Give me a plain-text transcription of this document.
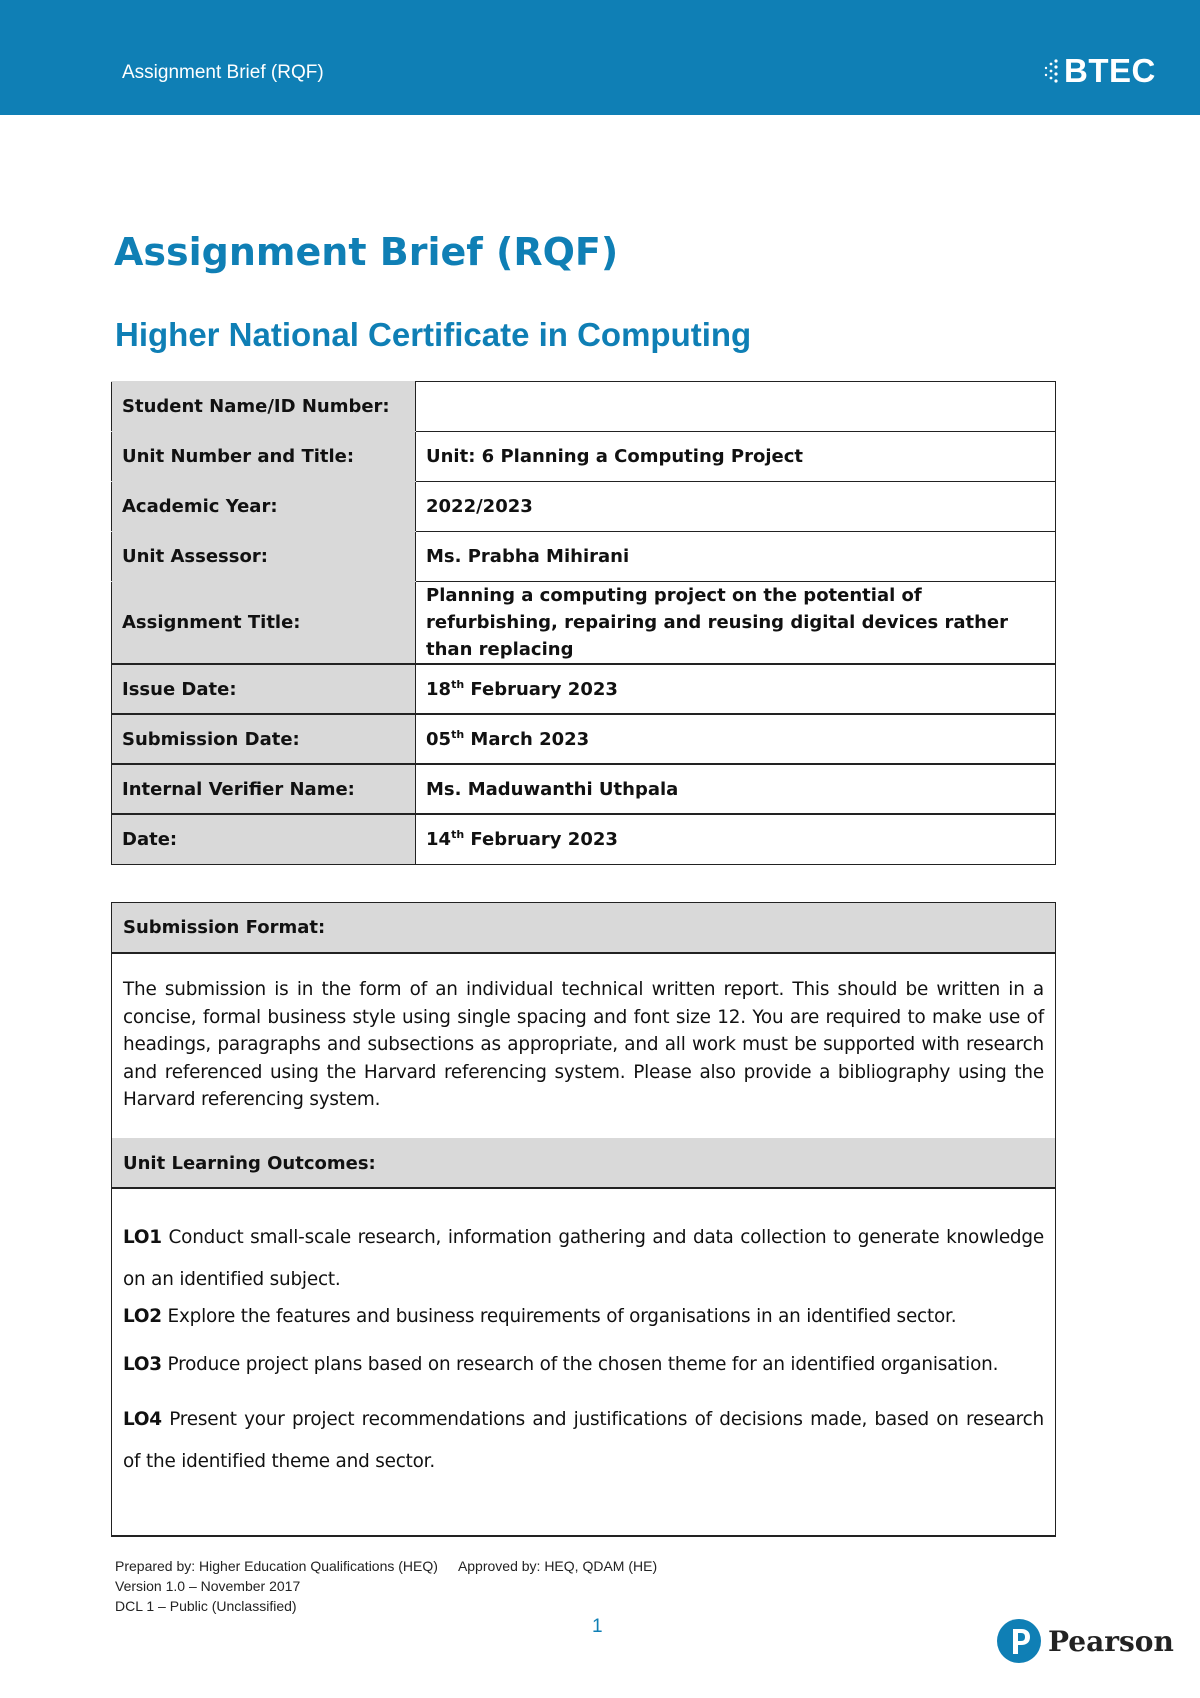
Assignment Brief (RQF)	BTEC
Assignment Brief (RQF)
Higher National Certificate in Computing
Student Name/ID Number:	
Unit Number and Title:	Unit: 6 Planning a Computing Project
Academic Year:	2022/2023
Unit Assessor:	Ms. Prabha Mihirani
Assignment Title:	Planning a computing project on the potential of refurbishing, repairing and reusing digital devices rather than replacing
Issue Date:	18th February 2023
Submission Date:	05th March 2023
Internal Verifier Name:	Ms. Maduwanthi Uthpala
Date:	14th February 2023
Submission Format:
The submission is in the form of an individual technical written report. This should be written in a concise, formal business style using single spacing and font size 12. You are required to make use of headings, paragraphs and subsections as appropriate, and all work must be supported with research and referenced using the Harvard referencing system. Please also provide a bibliography using the Harvard referencing system.
Unit Learning Outcomes:

LO1 Conduct small-scale research, information gathering and data collection to generate knowledge on an identified subject.

LO2 Explore the features and business requirements of organisations in an identified sector.

LO3 Produce project plans based on research of the chosen theme for an identified organisation.

LO4 Present your project recommendations and justifications of decisions made, based on research of the identified theme and sector.

Prepared by: Higher Education Qualifications (HEQ) Approved by: HEQ, QDAM (HE)
Version 1.0 – November 2017
DCL 1 – Public (Unclassified)
1	Pearson
